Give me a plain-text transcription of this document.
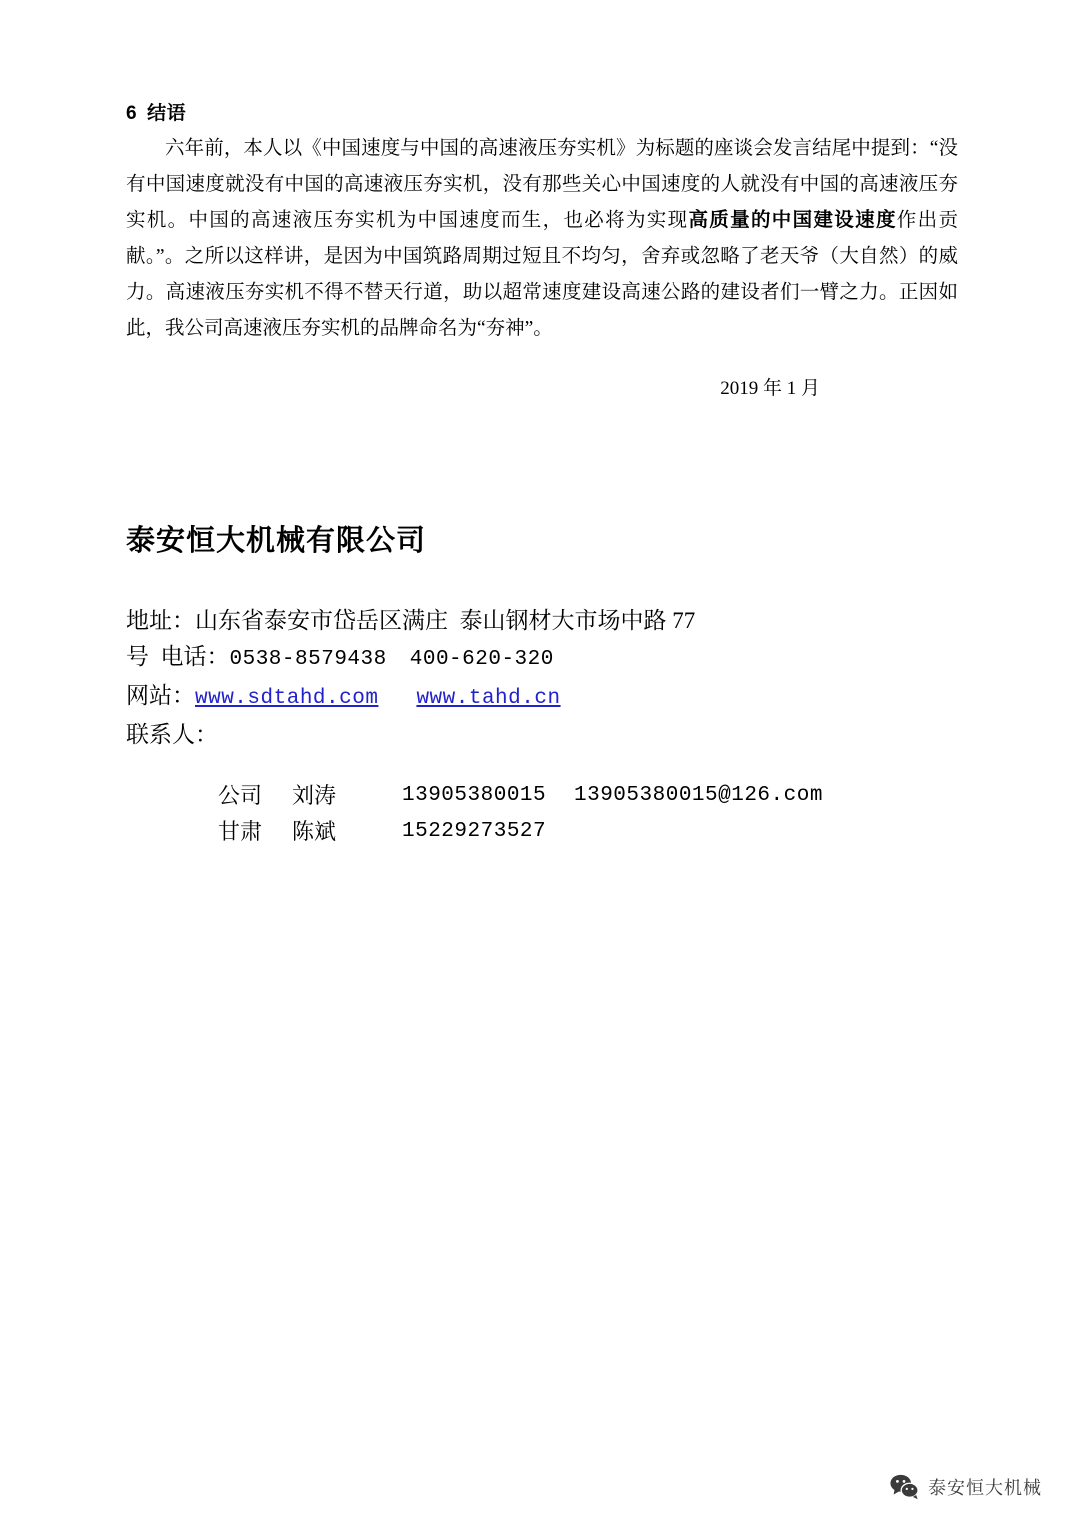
6 结语

六年前，本人以《中国速度与中国的高速液压夯实机》为标题的座谈会发言结尾中提到：“没有中国速度就没有中国的高速液压夯实机，没有那些关心中国速度的人就没有中国的高速液压夯实机。中国的高速液压夯实机为中国速度而生，也必将为实现高质量的中国建设速度作出贡献。”。之所以这样讲，是因为中国筑路周期过短且不均匀，舍弃或忽略了老天爷（大自然）的威力。高速液压夯实机不得不替天行道，助以超常速度建设高速公路的建设者们一臂之力。正因如此，我公司高速液压夯实机的品牌命名为“夯神”。

2019 年 1 月
泰安恒大机械有限公司
地址：山东省泰安市岱岳区满庄  泰山钢材大市场中路 77
号 电话：0538-8579438 400-620-320
网站：www.sdtahd.com www.tahd.cn
联系人：
公司	刘涛	13905380015	13905380015@126.com
甘肃	陈斌	15229273527
泰安恒大机械
